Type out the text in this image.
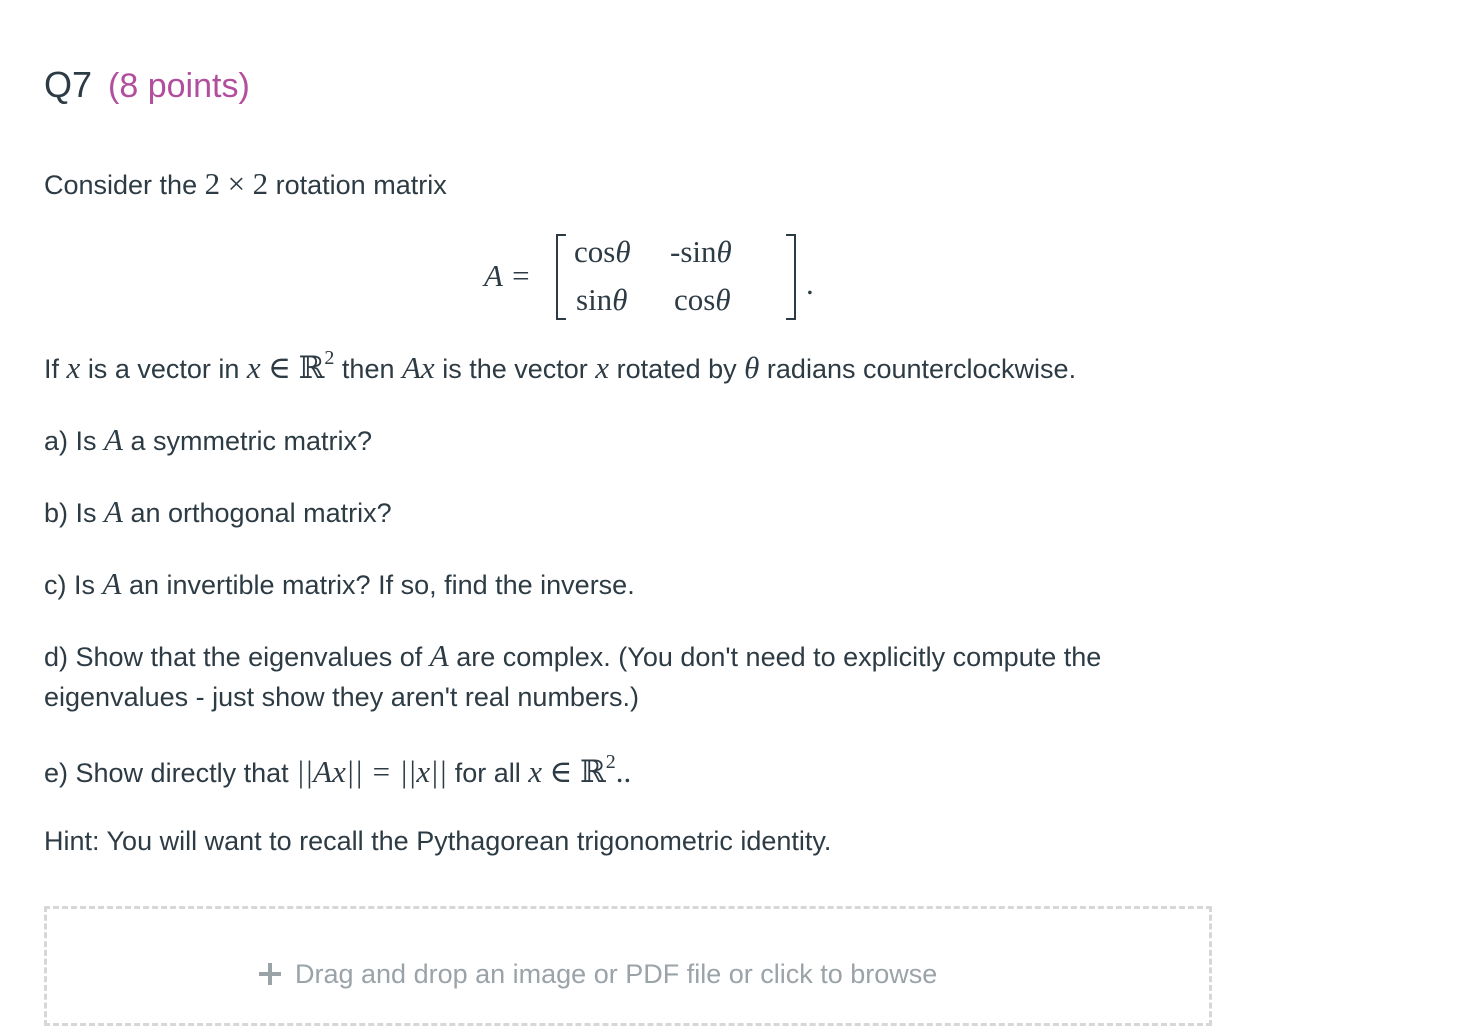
Q7 (8 points)
Consider the 2 × 2 rotation matrix
A =
cosθ -sinθ
sinθ cosθ .
If x is a vector in x ∈ ℝ$^2$ then Ax is the vector x rotated by θ radians counterclockwise.
a) Is A a symmetric matrix?
b) Is A an orthogonal matrix?
c) Is A an invertible matrix? If so, find the inverse.
d) Show that the eigenvalues of A are complex. (You don't need to explicitly compute the
eigenvalues - just show they aren't real numbers.)
e) Show directly that ||Ax|| = ||x|| for all x ∈ ℝ$^2$..
Hint: You will want to recall the Pythagorean trigonometric identity.
Drag and drop an image or PDF file or click to browse
